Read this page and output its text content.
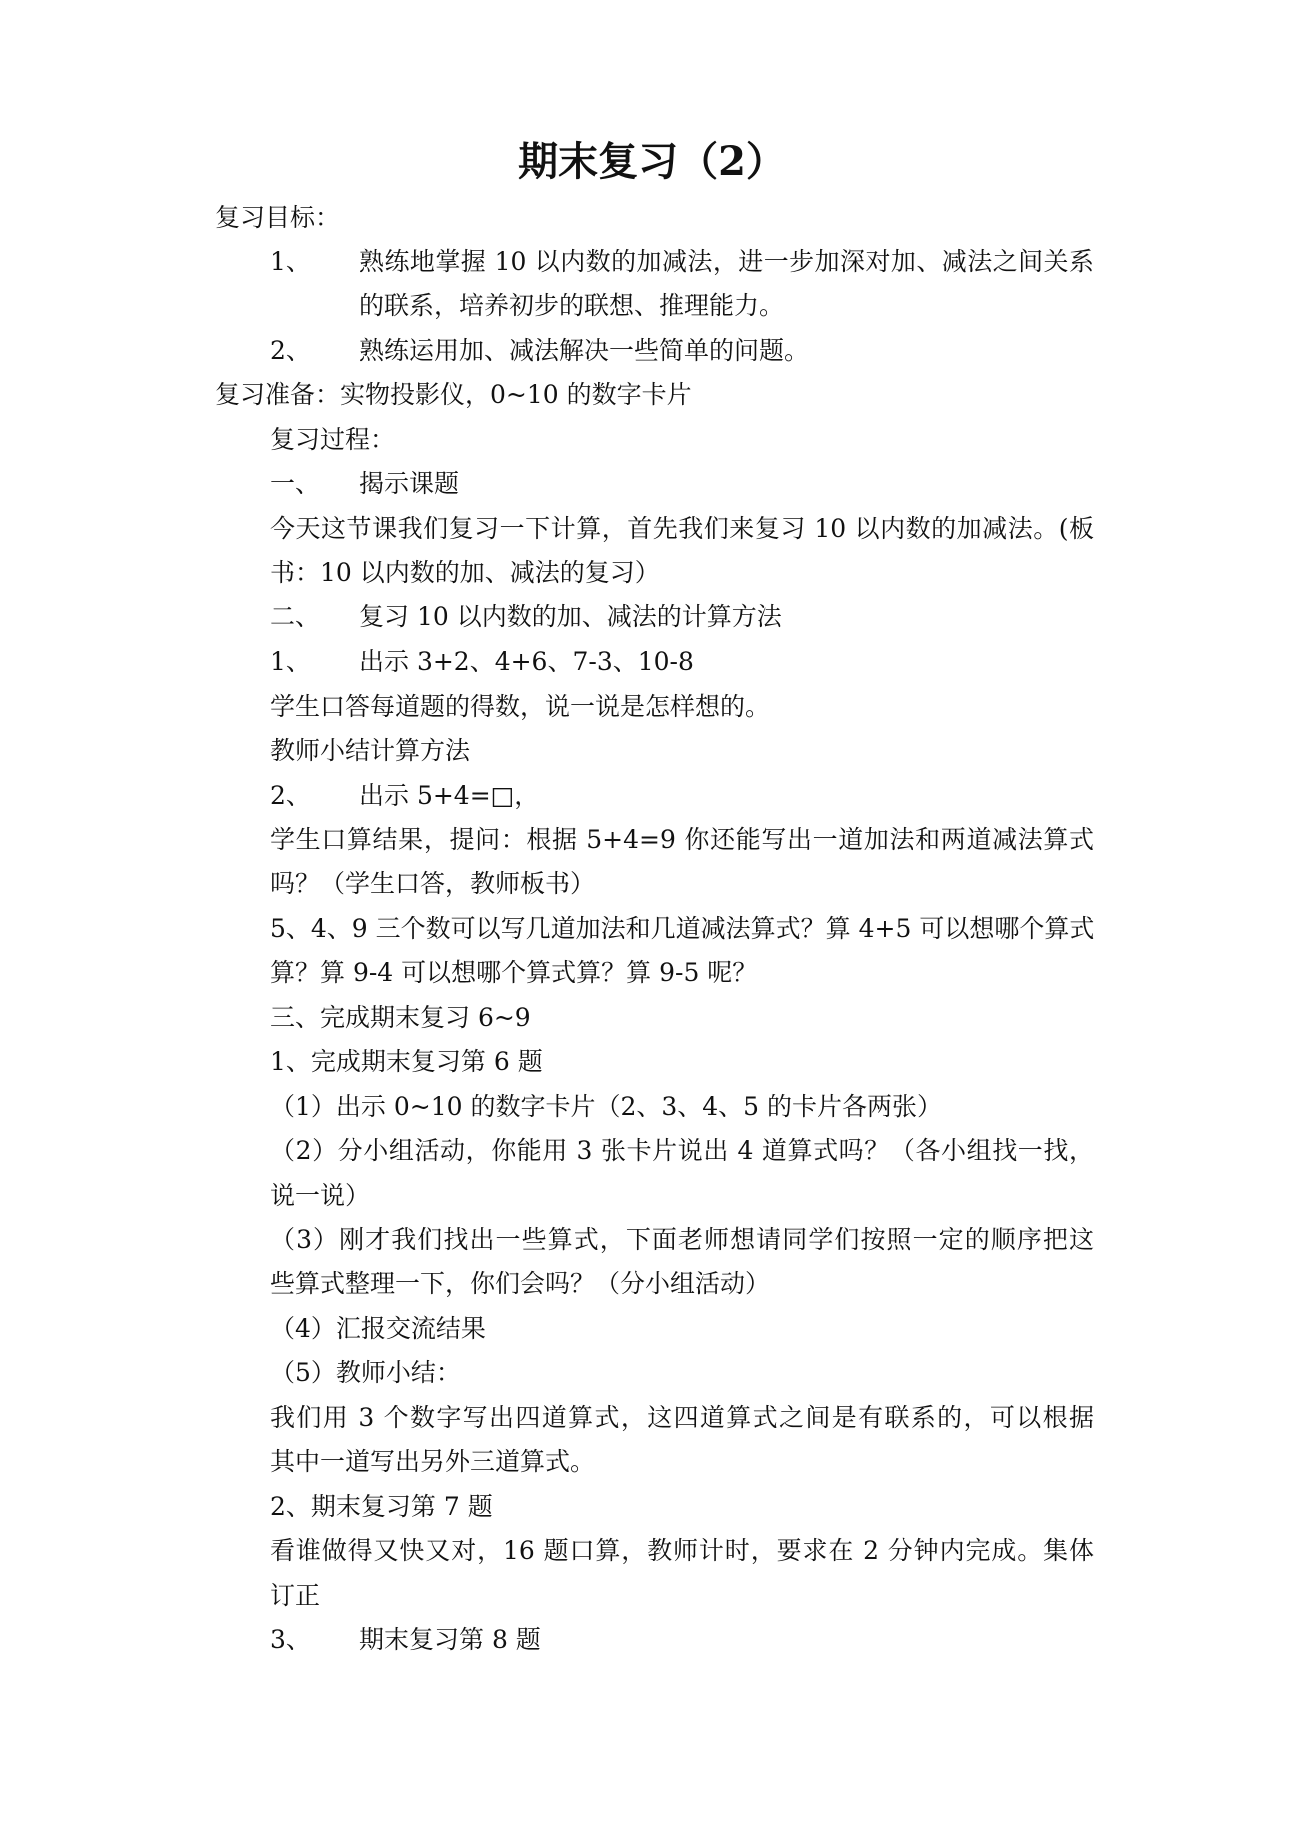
期末复习（2）
复习目标：
1、 熟练地掌握 10 以内数的加减法，进一步加深对加、减法之间关系
的联系，培养初步的联想、推理能力。
2、 熟练运用加、减法解决一些简单的问题。
复习准备：实物投影仪，0~10 的数字卡片
复习过程：
一、 揭示课题
今天这节课我们复习一下计算，首先我们来复习 10 以内数的加减法。(板
书：10 以内数的加、减法的复习）
二、 复习 10 以内数的加、减法的计算方法
1、 出示 3+2、4+6、7-3、10-8
学生口答每道题的得数，说一说是怎样想的。
教师小结计算方法
2、 出示 5+4=□，
学生口算结果，提问：根据 5+4=9 你还能写出一道加法和两道减法算式
吗？（学生口答，教师板书）
5、4、9 三个数可以写几道加法和几道减法算式？算 4+5 可以想哪个算式
算？算 9-4 可以想哪个算式算？算 9-5 呢？
三、完成期末复习 6~9
1、完成期末复习第 6 题
（1）出示 0~10 的数字卡片（2、3、4、5 的卡片各两张）
（2）分小组活动，你能用 3 张卡片说出 4 道算式吗？（各小组找一找，
说一说）
（3）刚才我们找出一些算式，下面老师想请同学们按照一定的顺序把这
些算式整理一下，你们会吗？（分小组活动）
（4）汇报交流结果
（5）教师小结：
我们用 3 个数字写出四道算式，这四道算式之间是有联系的，可以根据
其中一道写出另外三道算式。
2、期末复习第 7 题
看谁做得又快又对，16 题口算，教师计时，要求在 2 分钟内完成。集体
订正
3、 期末复习第 8 题
